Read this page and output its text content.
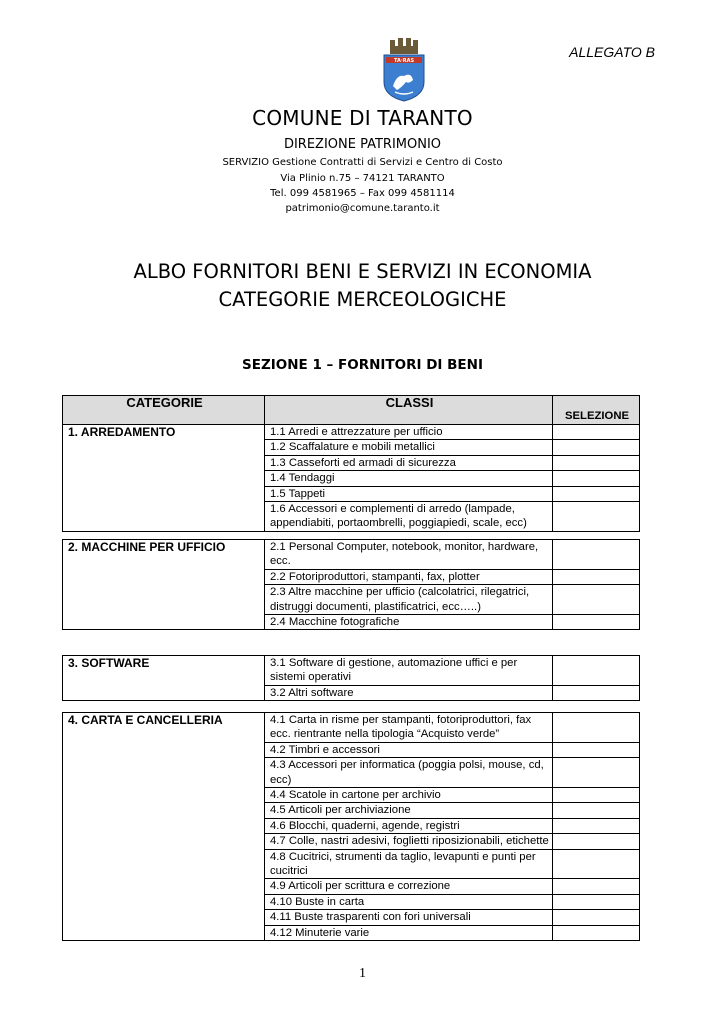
ALLEGATO B
TA·RAS
COMUNE DI TARANTO
DIREZIONE PATRIMONIO
SERVIZIO Gestione Contratti di Servizi e Centro di Costo
Via Plinio n.75 – 74121 TARANTO
Tel. 099 4581965 – Fax 099 4581114
patrimonio@comune.taranto.it
ALBO FORNITORI BENI E SERVIZI IN ECONOMIA
CATEGORIE MERCEOLOGICHE
SEZIONE 1 – FORNITORI DI BENI
CATEGORIE	CLASSI	SELEZIONE
1. ARREDAMENTO	1.1 Arredi e attrezzature per ufficio	
	1.2 Scaffalature e mobili metallici	
	1.3 Casseforti ed armadi di sicurezza	
	1.4 Tendaggi	
	1.5 Tappeti	
	1.6 Accessori e complementi di arredo (lampade, appendiabiti, portaombrelli, poggiapiedi, scale, ecc)	
2. MACCHINE PER UFFICIO	2.1 Personal Computer, notebook, monitor, hardware, ecc.	
	2.2 Fotoriproduttori, stampanti, fax, plotter	
	2.3 Altre macchine per ufficio (calcolatrici, rilegatrici, distruggi documenti, plastificatrici, ecc…..)	
	2.4 Macchine fotografiche	
3. SOFTWARE	3.1 Software di gestione, automazione uffici e per sistemi operativi	
	3.2 Altri software	
4. CARTA E CANCELLERIA	4.1 Carta in risme per stampanti, fotoriproduttori, fax ecc. rientrante nella tipologia “Acquisto verde”	
	4.2 Timbri e accessori	
	4.3 Accessori per informatica (poggia polsi, mouse, cd, ecc)	
	4.4 Scatole in cartone per archivio	
	4.5 Articoli per archiviazione	
	4.6 Blocchi, quaderni, agende, registri	
	4.7 Colle, nastri adesivi, foglietti riposizionabili, etichette	
	4.8 Cucitrici, strumenti da taglio, levapunti e punti per cucitrici	
	4.9 Articoli per scrittura e correzione	
	4.10 Buste in carta	
	4.11 Buste trasparenti con fori universali	
	4.12 Minuterie varie	
1
